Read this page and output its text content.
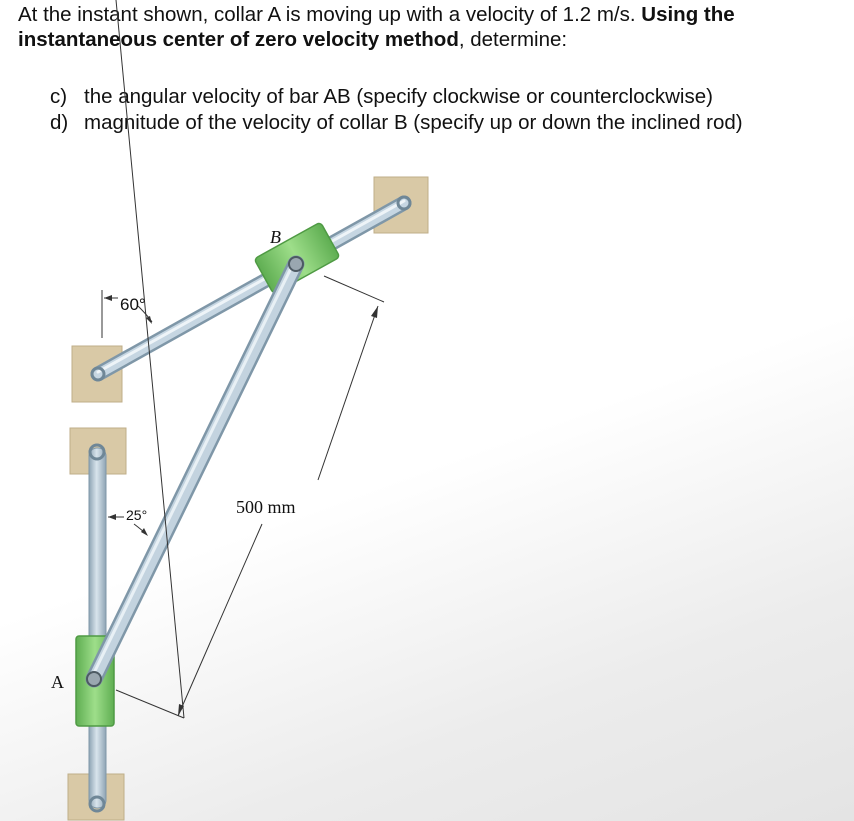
At the instant shown, collar A is moving up with a velocity of 1.2 m/s. Using the instantaneous center of zero velocity method, determine:
c) the angular velocity of bar AB (specify clockwise or counterclockwise)
d) magnitude of the velocity of collar B (specify up or down the inclined rod)
500 mm
60°
25°
A
B
